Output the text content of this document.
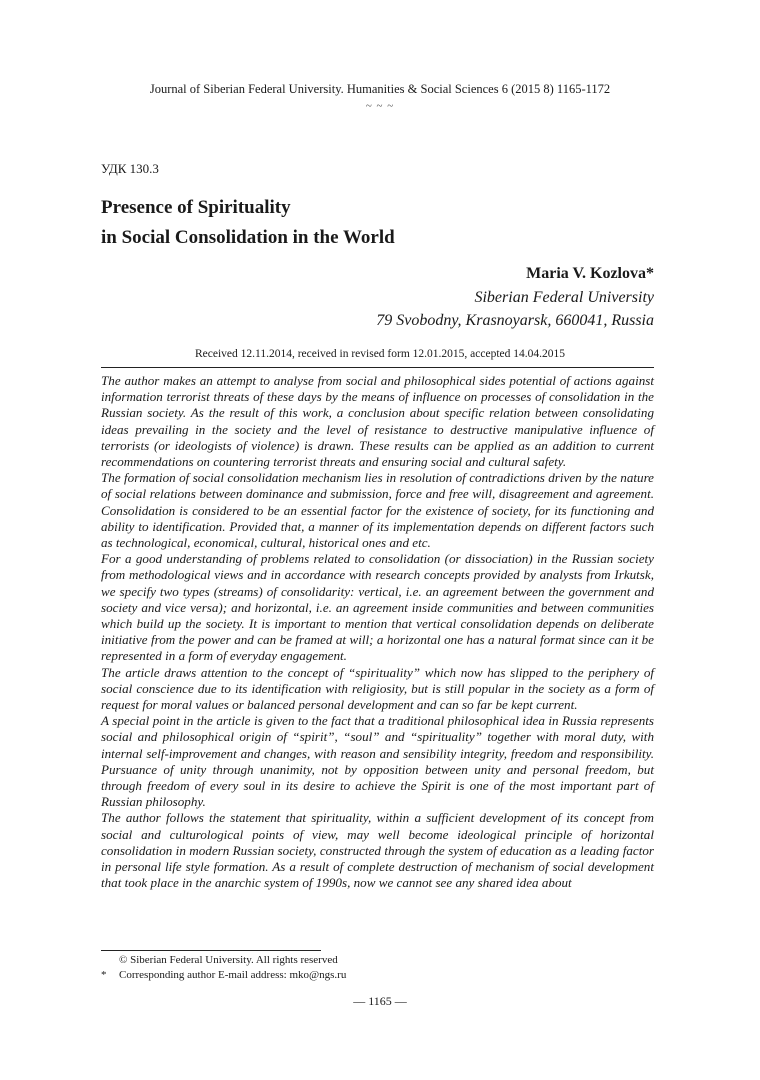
Journal of Siberian Federal University. Humanities & Social Sciences 6 (2015 8) 1165-1172
~ ~ ~
УДК 130.3
Presence of Spirituality
in Social Consolidation in the World
Maria V. Kozlova*
Siberian Federal University
79 Svobodny, Krasnoyarsk, 660041, Russia
Received 12.11.2014, received in revised form 12.01.2015, accepted 14.04.2015

The author makes an attempt to analyse from social and philosophical sides potential of actions against information terrorist threats of these days by the means of influence on processes of consolidation in the Russian society. As the result of this work, a conclusion about specific relation between consolidating ideas prevailing in the society and the level of resistance to destructive manipulative influence of terrorists (or ideologists of violence) is drawn. These results can be applied as an addition to current recommendations on countering terrorist threats and ensuring social and cultural safety.

The formation of social consolidation mechanism lies in resolution of contradictions driven by the nature of social relations between dominance and submission, force and free will, disagreement and agreement. Consolidation is considered to be an essential factor for the existence of society, for its functioning and ability to identification. Provided that, a manner of its implementation depends on different factors such as technological, economical, cultural, historical ones and etc.

For a good understanding of problems related to consolidation (or dissociation) in the Russian society from methodological views and in accordance with research concepts provided by analysts from Irkutsk, we specify two types (streams) of consolidarity: vertical, i.e. an agreement between the government and society and vice versa); and horizontal, i.e. an agreement inside communities and between communities which build up the society. It is important to mention that vertical consolidation depends on deliberate initiative from the power and can be framed at will; a horizontal one has a natural format since can it be represented in a form of everyday engagement.

The article draws attention to the concept of “spirituality” which now has slipped to the periphery of social conscience due to its identification with religiosity, but is still popular in the society as a form of request for moral values or balanced personal development and can so far be kept current.

A special point in the article is given to the fact that a traditional philosophical idea in Russia represents social and philosophical origin of “spirit”, “soul” and “spirituality” together with moral duty, with internal self-improvement and changes, with reason and sensibility integrity, freedom and responsibility. Pursuance of unity through unanimity, not by opposition between unity and personal freedom, but through freedom of every soul in its desire to achieve the Spirit is one of the most important part of Russian philosophy.

The author follows the statement that spirituality, within a sufficient development of its concept from social and culturological points of view, may well become ideological principle of horizontal consolidation in modern Russian society, constructed through the system of education as a leading factor in personal life style formation. As a result of complete destruction of mechanism of social development that took place in the anarchic system of 1990s, now we cannot see any shared idea about

© Siberian Federal University. All rights reserved
* Corresponding author E-mail address: mko@ngs.ru
— 1165 —
